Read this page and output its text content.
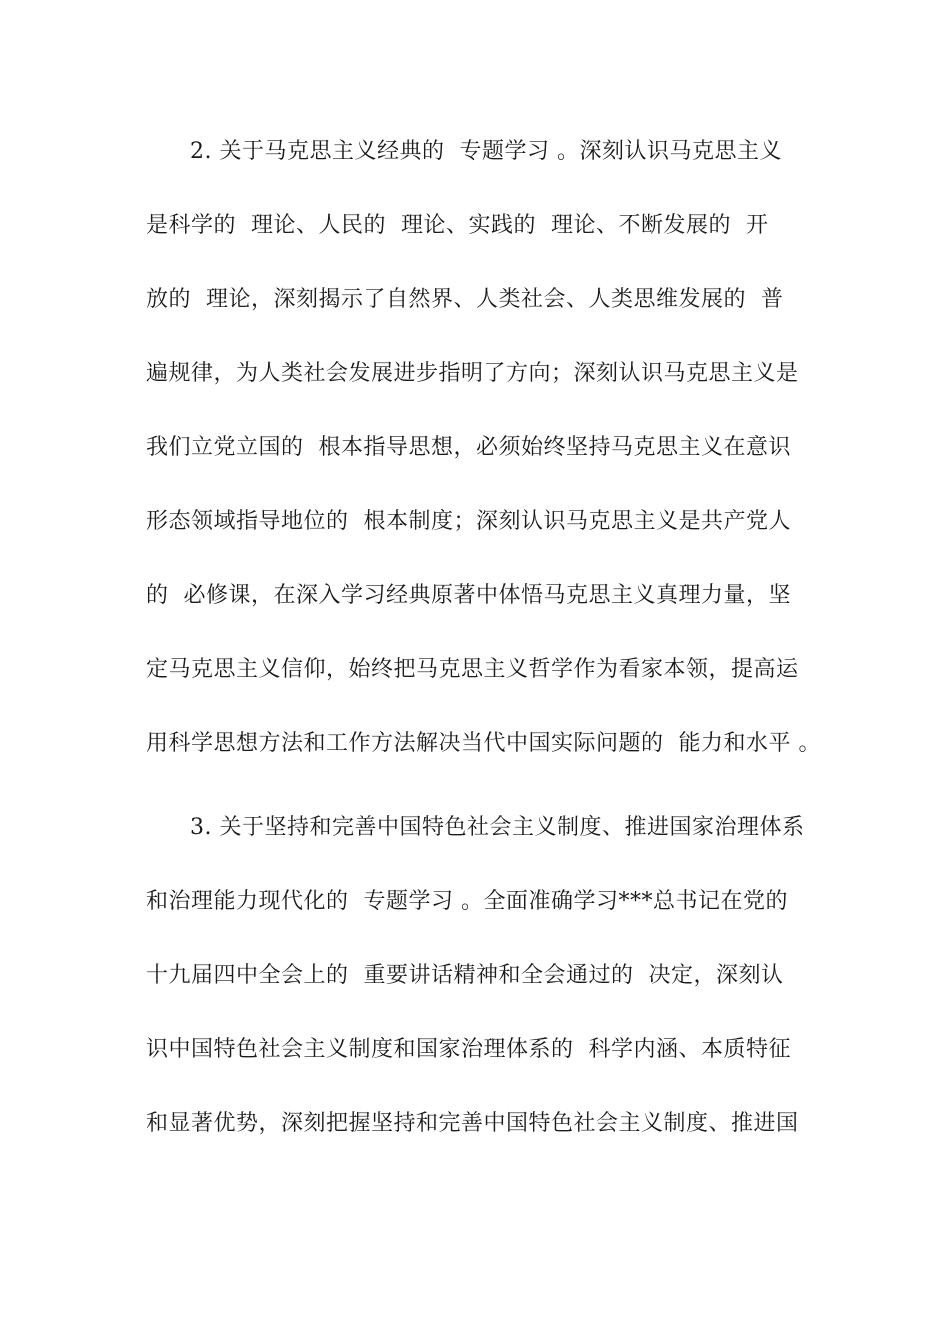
2. 关于马克思主义经典的  专题学习 。深刻认识马克思主义
是科学的  理论、人民的  理论、实践的  理论、不断发展的  开
放的  理论，深刻揭示了自然界、人类社会、人类思维发展的  普
遍规律，为人类社会发展进步指明了方向；深刻认识马克思主义是
我们立党立国的  根本指导思想，必须始终坚持马克思主义在意识
形态领域指导地位的  根本制度；深刻认识马克思主义是共产党人
的  必修课，在深入学习经典原著中体悟马克思主义真理力量，坚
定马克思主义信仰，始终把马克思主义哲学作为看家本领，提高运
用科学思想方法和工作方法解决当代中国实际问题的  能力和水平 。
3. 关于坚持和完善中国特色社会主义制度、推进国家治理体系
和治理能力现代化的  专题学习 。全面准确学习***总书记在党的
十九届四中全会上的  重要讲话精神和全会通过的  决定，深刻认
识中国特色社会主义制度和国家治理体系的  科学内涵、本质特征
和显著优势，深刻把握坚持和完善中国特色社会主义制度、推进国
